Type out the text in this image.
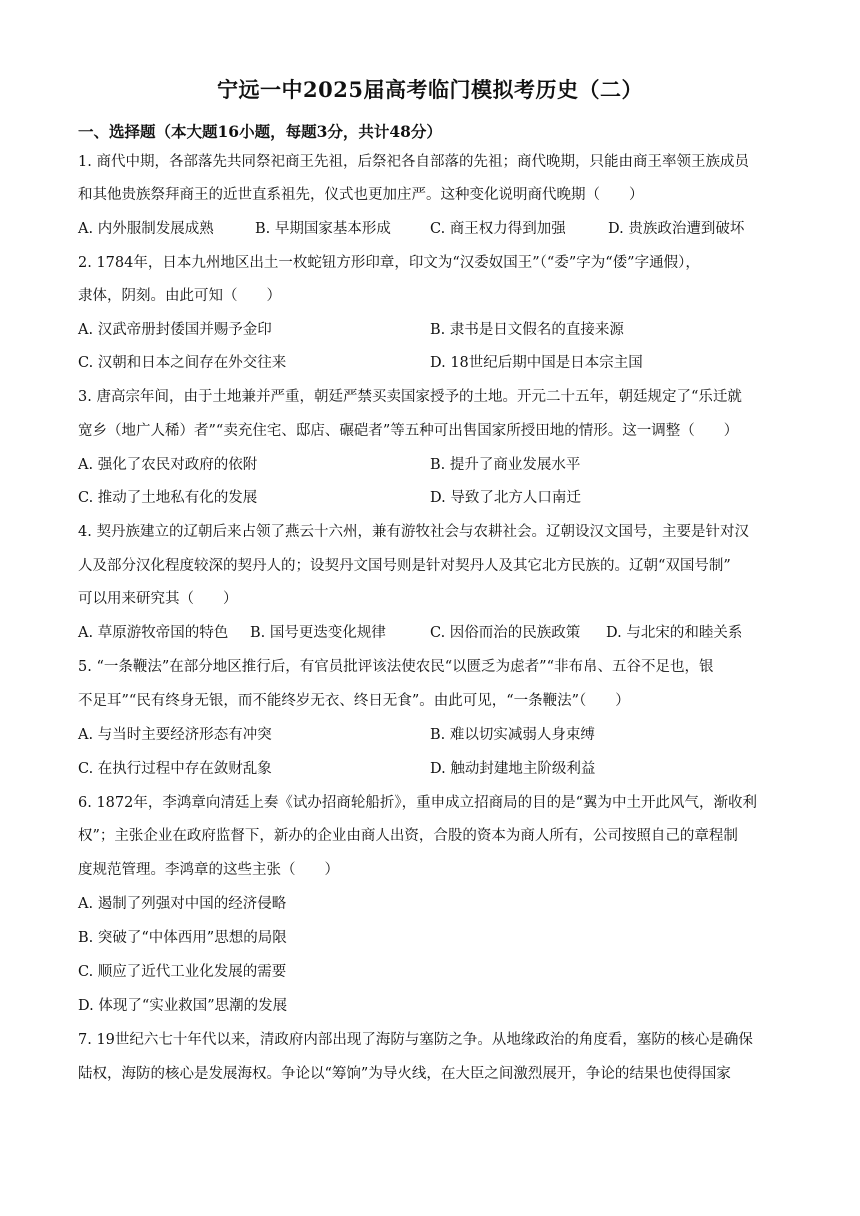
宁远一中2025届高考临门模拟考历史（二）
一、选择题（本大题16小题，每题3分，共计48分）
1. 商代中期，各部落先共同祭祀商王先祖，后祭祀各自部落的先祖；商代晚期，只能由商王率领王族成员
和其他贵族祭拜商王的近世直系祖先，仪式也更加庄严。这种变化说明商代晚期（　　）
A. 内外服制发展成熟	B. 早期国家基本形成	C. 商王权力得到加强	D. 贵族政治遭到破坏
2. 1784年，日本九州地区出土一枚蛇钮方形印章，印文为“汉委奴国王”（“委”字为“倭”字通假），
隶体，阴刻。由此可知（　　）
A. 汉武帝册封倭国并赐予金印	B. 隶书是日文假名的直接来源
C. 汉朝和日本之间存在外交往来	D. 18世纪后期中国是日本宗主国
3. 唐高宗年间，由于土地兼并严重，朝廷严禁买卖国家授予的土地。开元二十五年，朝廷规定了“乐迁就
宽乡（地广人稀）者”“卖充住宅、邸店、碾硙者”等五种可出售国家所授田地的情形。这一调整（　　）
A. 强化了农民对政府的依附	B. 提升了商业发展水平
C. 推动了土地私有化的发展	D. 导致了北方人口南迁
4. 契丹族建立的辽朝后来占领了燕云十六州，兼有游牧社会与农耕社会。辽朝设汉文国号，主要是针对汉
人及部分汉化程度较深的契丹人的；设契丹文国号则是针对契丹人及其它北方民族的。辽朝“双国号制”
可以用来研究其（　　）
A. 草原游牧帝国的特色 B. 国号更迭变化规律	C. 因俗而治的民族政策 D. 与北宋的和睦关系
5. “一条鞭法”在部分地区推行后，有官员批评该法使农民“以匮乏为虑者”“非布帛、五谷不足也，银
不足耳”“民有终身无银，而不能终岁无衣、终日无食”。由此可见，“一条鞭法”（　　）
A. 与当时主要经济形态有冲突	B. 难以切实减弱人身束缚
C. 在执行过程中存在敛财乱象	D. 触动封建地主阶级利益
6. 1872年，李鸿章向清廷上奏《试办招商轮船折》，重申成立招商局的目的是“翼为中土开此风气，渐收利
权”；主张企业在政府监督下，新办的企业由商人出资，合股的资本为商人所有，公司按照自己的章程制
度规范管理。李鸿章的这些主张（　　）
A. 遏制了列强对中国的经济侵略
B. 突破了“中体西用”思想的局限
C. 顺应了近代工业化发展的需要
D. 体现了“实业救国”思潮的发展
7. 19世纪六七十年代以来，清政府内部出现了海防与塞防之争。从地缘政治的角度看，塞防的核心是确保
陆权，海防的核心是发展海权。争论以“筹饷”为导火线，在大臣之间激烈展开，争论的结果也使得国家
